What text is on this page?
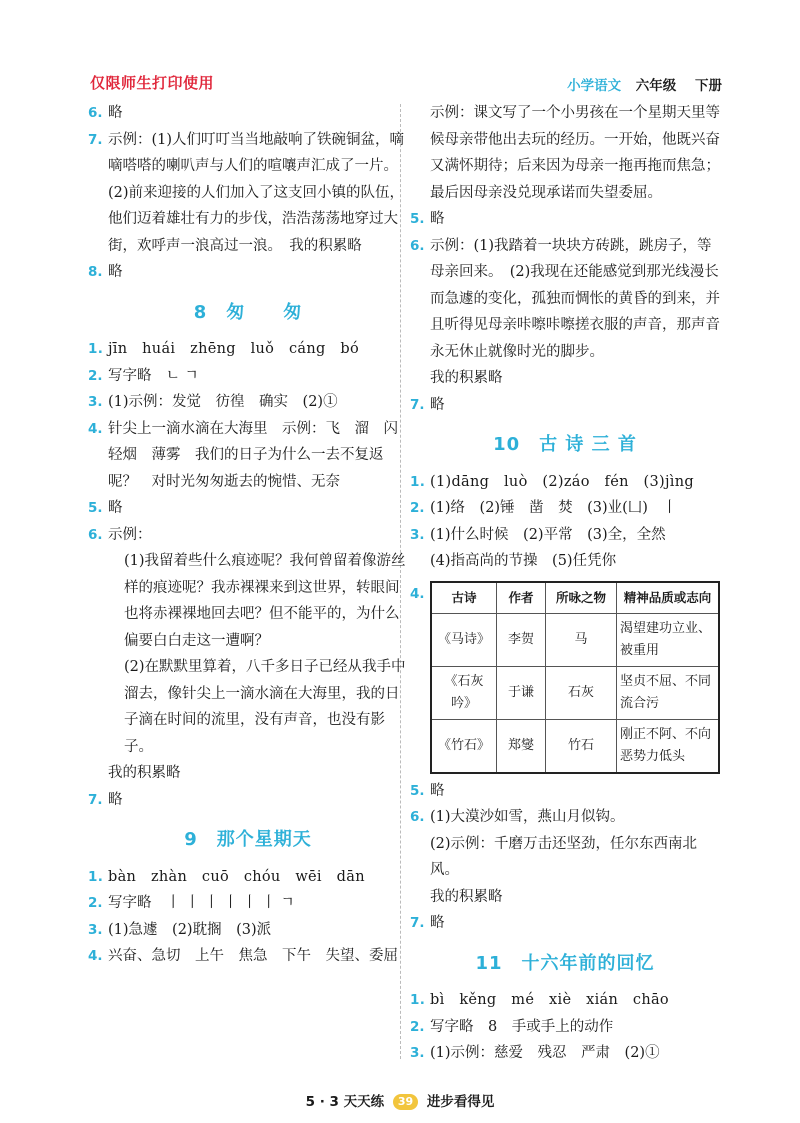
仅限师生打印使用	小学语文 六年级 下册
6. 略
7. 示例：(1)人们叮叮当当地敲响了铁碗铜盆，嘀嘀嗒嗒的喇叭声与人们的喧嚷声汇成了一片。　(2)前来迎接的人们加入了这支回小镇的队伍，他们迈着雄壮有力的步伐，浩浩荡荡地穿过大街，欢呼声一浪高过一浪。　我的积累略
8. 略
8　匆　　匆
1. jīn　huái　zhēng　luǒ　cáng　bó
2. 写字略　ㄴ ㄱ
3. (1)示例：发觉　彷徨　确实　(2)①
4. 针尖上一滴水滴在大海里　示例：飞　溜　闪　轻烟　薄雾　我们的日子为什么一去不复返呢？　对时光匆匆逝去的惋惜、无奈
5. 略
6. 示例：
(1)我留着些什么痕迹呢？我何曾留着像游丝样的痕迹呢？我赤裸裸来到这世界，转眼间也将赤裸裸地回去吧？但不能平的，为什么偏要白白走这一遭啊？
(2)在默默里算着，八千多日子已经从我手中溜去，像针尖上一滴水滴在大海里，我的日子滴在时间的流里，没有声音，也没有影子。
我的积累略
7. 略
9　那个星期天
1. bàn　zhàn　cuō　chóu　wēi　dān
2. 写字略　丨 丨 丨 丨 丨 丨 ㄱ
3. (1)急遽　(2)耽搁　(3)派
4. 兴奋、急切　上午　焦急　下午　失望、委屈
示例：课文写了一个小男孩在一个星期天里等候母亲带他出去玩的经历。一开始，他既兴奋又满怀期待；后来因为母亲一拖再拖而焦急；最后因母亲没兑现承诺而失望委屈。
5. 略
6. 示例：(1)我踏着一块块方砖跳，跳房子，等母亲回来。　(2)我现在还能感觉到那光线漫长而急遽的变化，孤独而惆怅的黄昏的到来，并且听得见母亲咔嚓咔嚓搓衣服的声音，那声音永无休止就像时光的脚步。
我的积累略
7. 略
10　古 诗 三 首
1. (1)dāng　luò　(2)záo　fén　(3)jìng
2. (1)络　(2)锤　凿　焚　(3)业(凵)　丨
3. (1)什么时候　(2)平常　(3)全，全然
(4)指高尚的节操　(5)任凭你
4. 古诗	作者	所咏之物	精神品质或志向
《马诗》	李贺	马	渴望建功立业、被重用
《石灰吟》	于谦	石灰	坚贞不屈、不同流合污
《竹石》	郑燮	竹石	刚正不阿、不向恶势力低头
5. 略
6. (1)大漠沙如雪，燕山月似钩。
(2)示例：千磨万击还坚劲，任尔东西南北风。
我的积累略
7. 略
11　十六年前的回忆
1. bì　kěng　mé　xiè　xián　chāo
2. 写字略　8　手或手上的动作
3. (1)示例：慈爱　残忍　严肃　(2)①
5 · 3 天天练 39 进步看得见
